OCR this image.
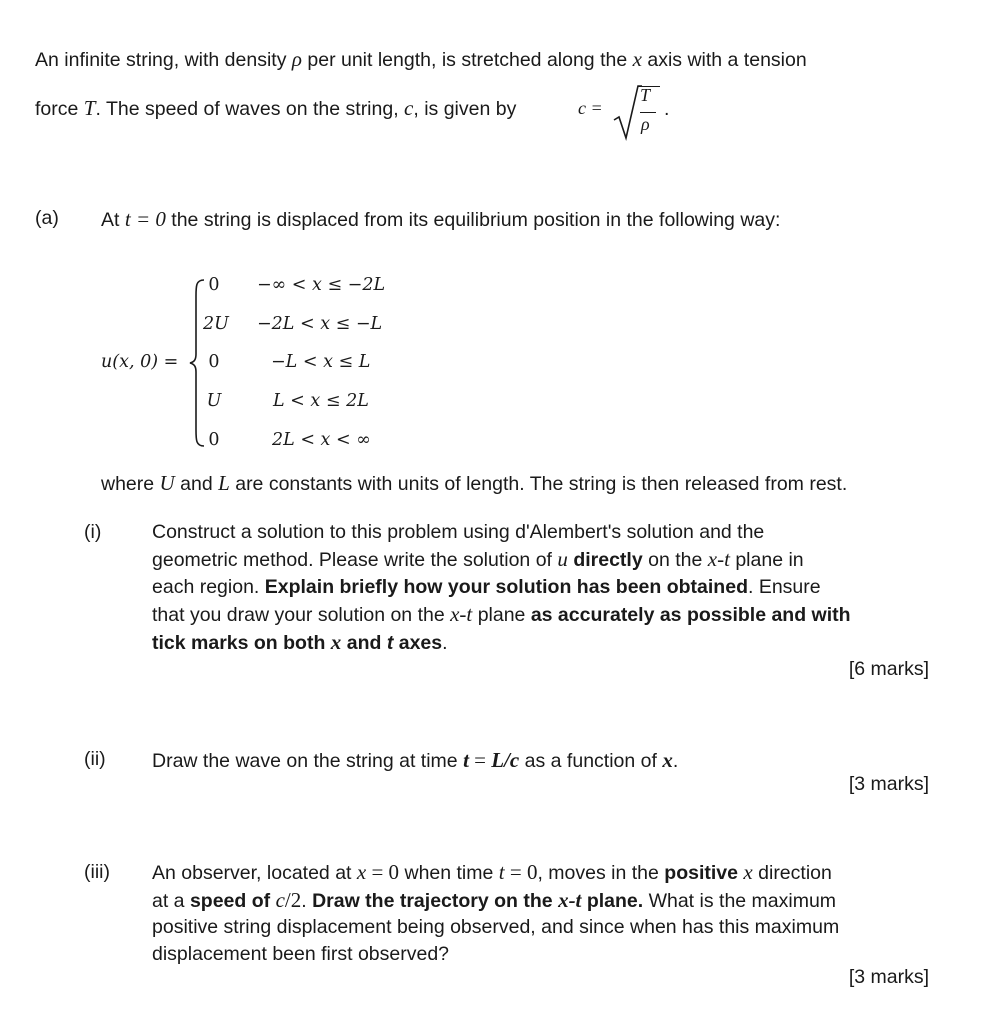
An infinite string, with density ρ per unit length, is stretched along the x axis with a tension
force T. The speed of waves on the string, c, is given by	c =
T
ρ
.
(a) At t = 0 the string is displaced from its equilibrium position in the following way:
u(x, 0) =
0
2U
0
U
0
−∞ < x ≤ −2L
−2L < x ≤ −L
−L < x ≤ L
L < x ≤ 2L
2L < x < ∞
where U and L are constants with units of length. The string is then released from rest.
(i)	Construct a solution to this problem using d'Alembert's solution and the
geometric method. Please write the solution of u directly on the x-t plane in
each region. Explain briefly how your solution has been obtained. Ensure
that you draw your solution on the x-t plane as accurately as possible and with
tick marks on both x and t axes.
[6 marks]
(ii) Draw the wave on the string at time t = L/c as a function of x.
[3 marks]
(iii) An observer, located at x = 0 when time t = 0, moves in the positive x direction
at a speed of c/2. Draw the trajectory on the x-t plane. What is the maximum
positive string displacement being observed, and since when has this maximum
displacement been first observed?
[3 marks]
